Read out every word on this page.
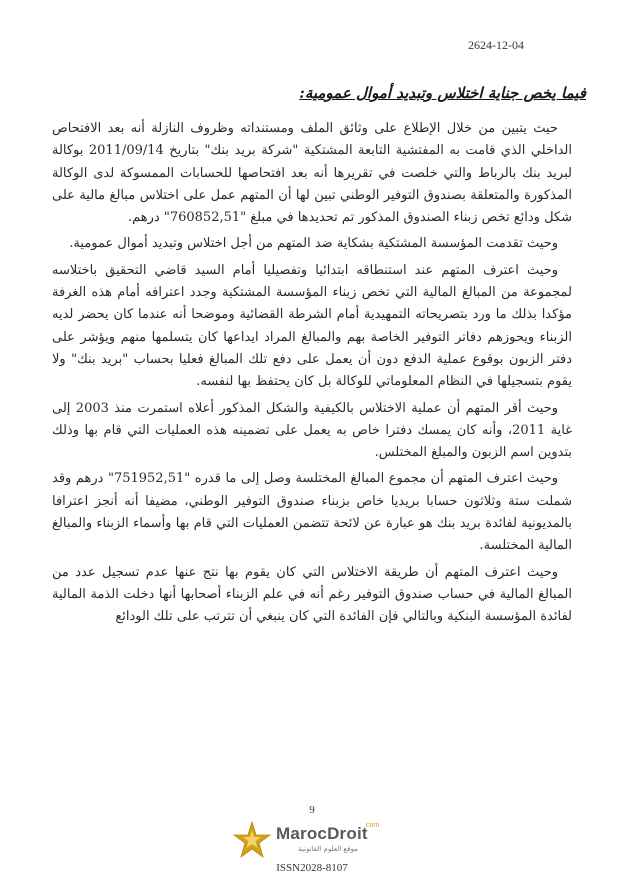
2624-12-04
فيما يخص جناية اختلاس وتبديد أموال عمومية:

حيث يتبين من خلال الإطلاع على وثائق الملف ومستنداته وظروف النازلة أنه بعد الافتحاص الداخلي الذي قامت به المفتشية التابعة المشتكية "شركة بريد بنك" بتاريخ 2011/09/14 بوكالة لبريد بنك بالرباط والتي خلصت في تقريرها أنه بعد افتحاصها للحسابات الممسوكة لدى الوكالة المذكورة والمتعلقة بصندوق التوفير الوطني تبين لها أن المتهم عمل على اختلاس مبالغ مالية على شكل ودائع تخص زبناء الصندوق المذكور تم تحديدها في مبلغ "760852,51" درهم.

وحيث تقدمت المؤسسة المشتكية بشكاية ضد المتهم من أجل اختلاس وتبديد أموال عمومية.

وحيث اعترف المتهم عند استنطاقه ابتدائيا وتفصيليا أمام السيد قاضي التحقيق باختلاسه لمجموعة من المبالغ المالية التي تخص زبناء المؤسسة المشتكية وجدد اعترافه أمام هذه الغرفة مؤكدا بذلك ما ورد بتصريحاته التمهيدية أمام الشرطة القضائية وموضحا أنه عندما كان يحضر لديه الزبناء ويحوزهم دفاتر التوفير الخاصة بهم والمبالغ المراد ايداعها كان يتسلمها منهم ويؤشر على دفتر الزبون بوقوع عملية الدفع دون أن يعمل على دفع تلك المبالغ فعليا بحساب "بريد بنك" ولا يقوم بتسجيلها في النظام المعلوماتي للوكالة بل كان يحتفظ بها لنفسه.

وحيث أقر المتهم أن عملية الاختلاس بالكيفية والشكل المذكور أعلاه استمرت منذ 2003 إلى غاية 2011، وأنه كان يمسك دفترا خاص به يعمل على تضمينه هذه العمليات التي قام بها وذلك بتدوين اسم الزبون والمبلغ المختلس.

وحيث اعترف المتهم أن مجموع المبالغ المختلسة وصل إلى ما قدره "751952,51" درهم وقد شملت ستة وثلاثون حسابا بريديا خاص بزبناء صندوق التوفير الوطني، مضيفا أنه أنجز اعترافا بالمديونية لفائدة بريد بنك هو عبارة عن لائحة تتضمن العمليات التي قام بها وأسماء الزبناء والمبالغ المالية المختلسة.

وحيث اعترف المتهم أن طريقة الاختلاس التي كان يقوم بها نتج عنها عدم تسجيل عدد من المبالغ المالية في حساب صندوق التوفير رغم أنه في علم الزبناء أصحابها أنها دخلت الذمة المالية لفائدة المؤسسة البنكية وبالتالي فإن الفائدة التي كان ينبغي أن تترتب على تلك الودائع

9
MarocDroit
.com
موقع العلوم القانونية
ISSN2028-8107
